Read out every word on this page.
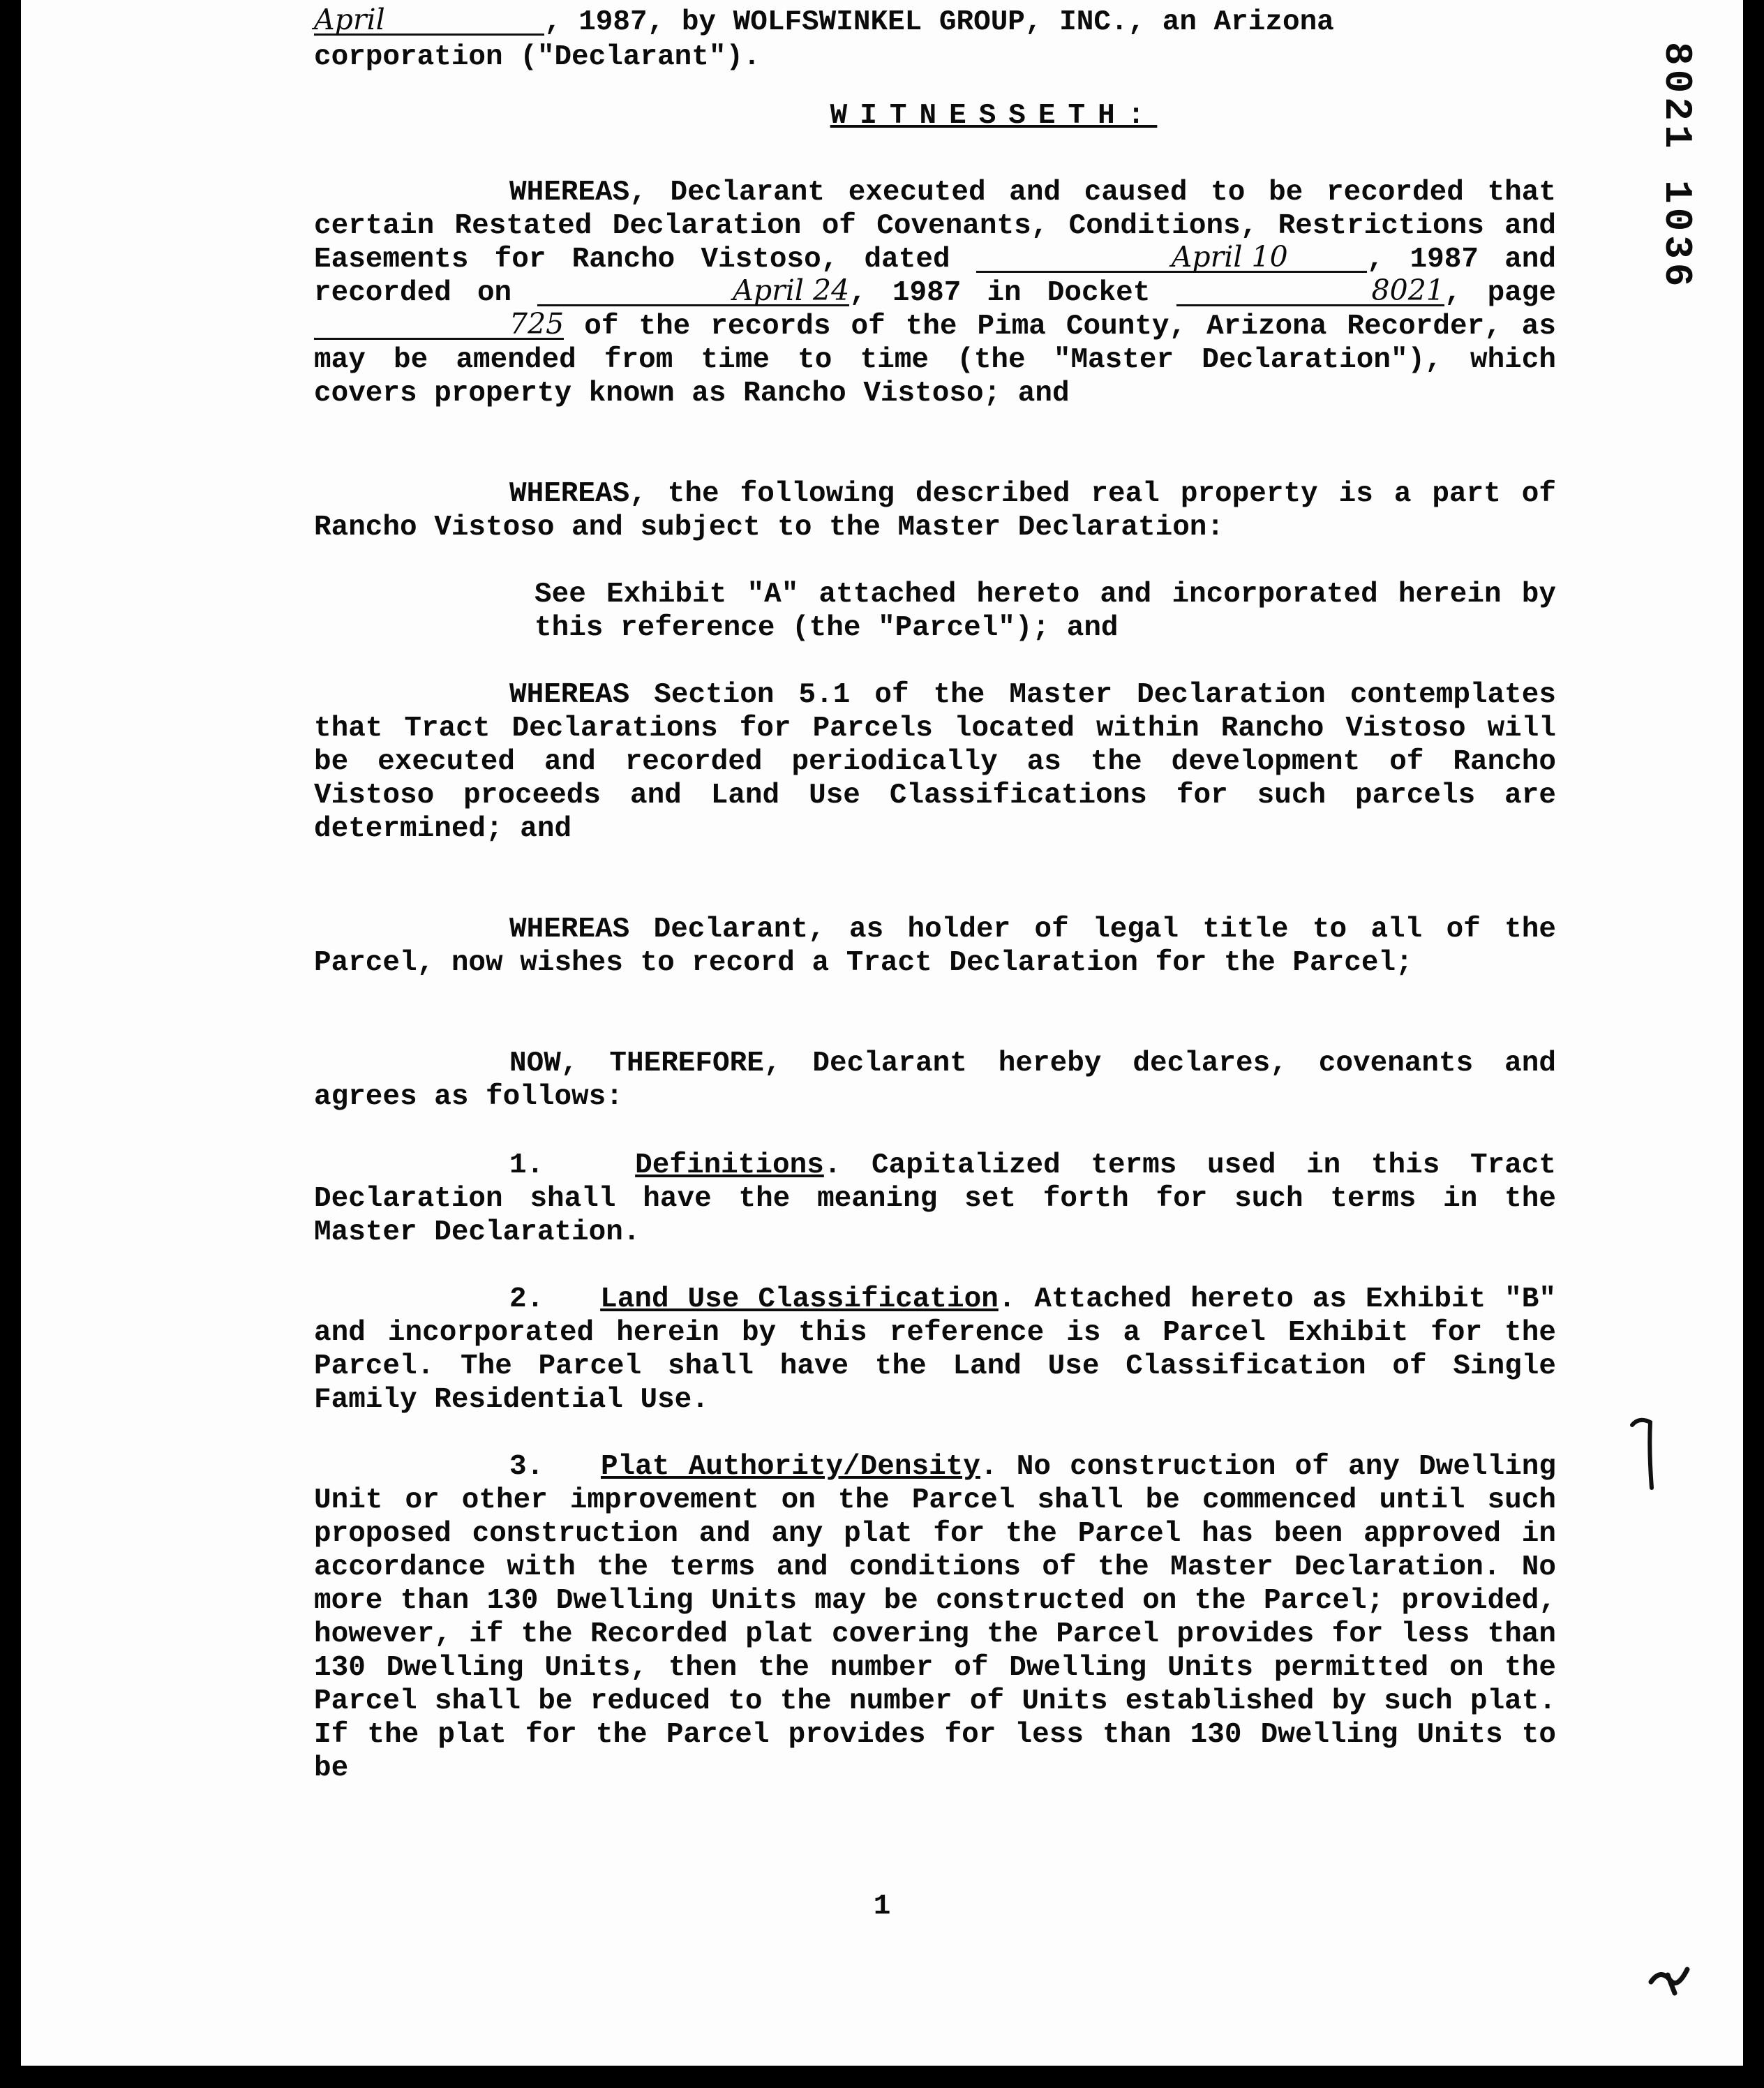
8021 1036

April	, 1987, by WOLFSWINKEL GROUP, INC., an Arizona

corporation ("Declarant").

WITNESSETH:

WHEREAS, Declarant executed and caused to be recorded that certain Restated Declaration of Covenants, Conditions, Restrictions and Easements for Rancho Vistoso, dated	April 10	, 1987 and recorded on	April 24, 1987 in Docket	8021, page 725 of the records of the Pima County, Arizona Recorder, as may be amended from time to time (the "Master Declaration"), which covers property known as Rancho Vistoso; and

WHEREAS, the following described real property is a part of Rancho Vistoso and subject to the Master Declaration:

See Exhibit "A" attached hereto and incorporated herein by this reference (the "Parcel"); and

WHEREAS Section 5.1 of the Master Declaration contemplates that Tract Declarations for Parcels located within Rancho Vistoso will be executed and recorded periodically as the development of Rancho Vistoso proceeds and Land Use Classifications for such parcels are determined; and

WHEREAS Declarant, as holder of legal title to all of the Parcel, now wishes to record a Tract Declaration for the Parcel;

NOW, THEREFORE, Declarant hereby declares, covenants and agrees as follows:

1.	Definitions. Capitalized terms used in this Tract Declaration shall have the meaning set forth for such terms in the Master Declaration.

2. Land Use Classification. Attached hereto as Exhibit "B" and incorporated herein by this reference is a Parcel Exhibit for the Parcel. The Parcel shall have the Land Use Classification of Single Family Residential Use.

3. Plat Authority/Density. No construction of any Dwelling Unit or other improvement on the Parcel shall be commenced until such proposed construction and any plat for the Parcel has been approved in accordance with the terms and conditions of the Master Declaration. No more than 130 Dwelling Units may be constructed on the Parcel; provided, however, if the Recorded plat covering the Parcel provides for less than 130 Dwelling Units, then the number of Dwelling Units permitted on the Parcel shall be reduced to the number of Units established by such plat. If the plat for the Parcel provides for less than 130 Dwelling Units to be

1
